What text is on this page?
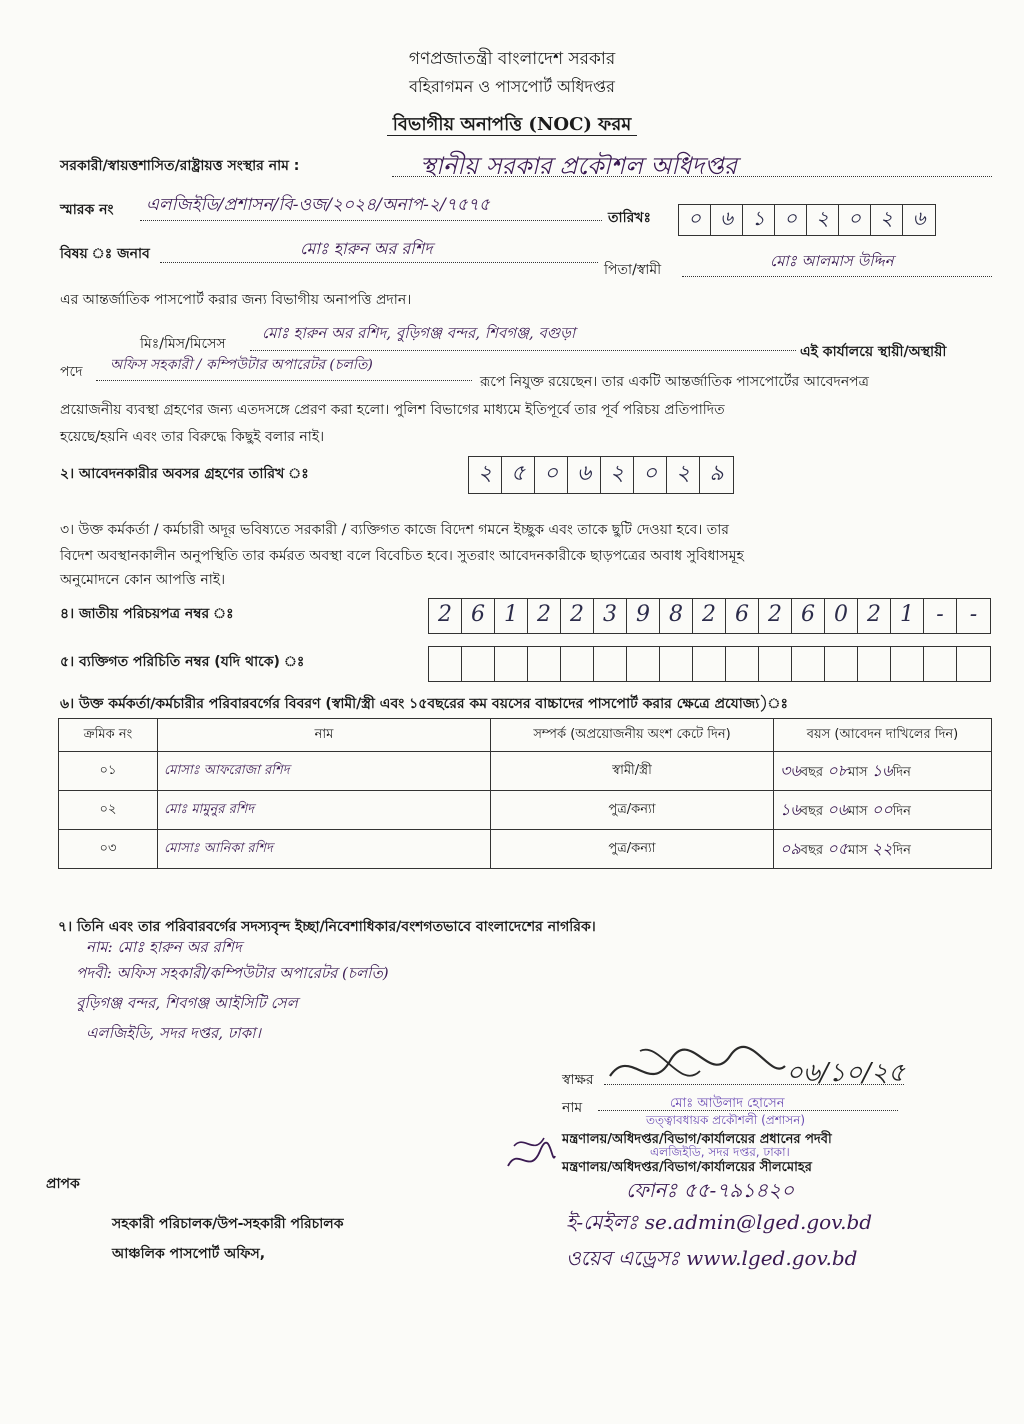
গণপ্রজাতন্ত্রী বাংলাদেশ সরকার
বহিরাগমন ও পাসপোর্ট অধিদপ্তর
বিভাগীয় অনাপত্তি (NOC) ফরম
সরকারী/স্বায়ত্তশাসিত/রাষ্ট্রায়ত্ত সংস্থার নাম :	স্থানীয় সরকার প্রকৌশল অধিদপ্তর
স্মারক নং এলজিইডি/প্রশাসন/বি-ওজ/২০২৪/অনাপ-২/৭৫৭৫
তারিখঃ	০ ৬ ১ ০ ২ ০ ২ ৬
বিষয় ঃ জনাব	মোঃ হারুন অর রশিদ
পিতা/স্বামী	মোঃ আলমাস উদ্দিন
এর আন্তর্জাতিক পাসপোর্ট করার জন্য বিভাগীয় অনাপত্তি প্রদান।
মিঃ/মিস/মিসেস
মোঃ হারুন অর রশিদ, বুড়িগঞ্জ বন্দর, শিবগঞ্জ, বগুড়া
এই কার্যালয়ে স্থায়ী/অস্থায়ী
পদে অফিস সহকারী / কম্পিউটার অপারেটর (চলতি)
রূপে নিযুক্ত রয়েছেন। তার একটি আন্তর্জাতিক পাসপোর্টের আবেদনপত্র
প্রয়োজনীয় ব্যবস্থা গ্রহণের জন্য এতদসঙ্গে প্রেরণ করা হলো। পুলিশ বিভাগের মাধ্যমে ইতিপূর্বে তার পূর্ব পরিচয় প্রতিপাদিত
হয়েছে/হয়নি এবং তার বিরুদ্ধে কিছুই বলার নাই।
২। আবেদনকারীর অবসর গ্রহণের তারিখ ঃ	২ ৫ ০ ৬ ২ ০ ২ ৯
৩। উক্ত কর্মকর্তা / কর্মচারী অদূর ভবিষ্যতে সরকারী / ব্যক্তিগত কাজে বিদেশ গমনে ইচ্ছুক এবং তাকে ছুটি দেওয়া হবে। তার
বিদেশ অবস্থানকালীন অনুপস্থিতি তার কর্মরত অবস্থা বলে বিবেচিত হবে। সুতরাং আবেদনকারীকে ছাড়পত্রের অবাধ সুবিধাসমূহ
অনুমোদনে কোন আপত্তি নাই।
৪। জাতীয় পরিচয়পত্র নম্বর ঃ	2 6 1 2 2 3 9 8 2 6 2 6 0 2 1	-	-
৫। ব্যক্তিগত পরিচিতি নম্বর (যদি থাকে) ঃ
৬। উক্ত কর্মকর্তা/কর্মচারীর পরিবারবর্গের বিবরণ (স্বামী/স্ত্রী এবং ১৫বছরের কম বয়সের বাচ্চাদের পাসপোর্ট করার ক্ষেত্রে প্রযোজ্য)ঃ
ক্রমিক নং	নাম	সম্পর্ক (অপ্রয়োজনীয় অংশ কেটে দিন)	বয়স (আবেদন দাখিলের দিন)
০১	মোসাঃ আফরোজা রশিদ	স্বামী/স্ত্রী	৩৬বছর ০৮মাস ১৬দিন
০২	মোঃ মামুনুর রশিদ	পুত্র/কন্যা	১৬বছর ০৬মাস ০০দিন
০৩	মোসাঃ আনিকা রশিদ	পুত্র/কন্যা	০৯বছর ০৫মাস ২২দিন
৭। তিনি এবং তার পরিবারবর্গের সদস্যবৃন্দ ইচ্ছা/নিবেশাধিকার/বংশগতভাবে বাংলাদেশের নাগরিক।
নাম: মোঃ হারুন অর রশিদ
পদবী: অফিস সহকারী/কম্পিউটার অপারেটর (চলতি)
বুড়িগঞ্জ বন্দর, শিবগঞ্জ আইসিটি সেল
এলজিইডি, সদর দপ্তর, ঢাকা।
স্বাক্ষর	০৬/১০/২৫
নাম	মোঃ আউলাদ হোসেন
তত্ত্বাবধায়ক প্রকৌশলী (প্রশাসন)
মন্ত্রণালয়/অধিদপ্তর/বিভাগ/কার্যালয়ের প্রধানের পদবী
এলজিইডি, সদর দপ্তর, ঢাকা।
মন্ত্রণালয়/অধিদপ্তর/বিভাগ/কার্যালয়ের সীলমোহর
ফোনঃ ৫৫-৭৯১৪২০
ই-মেইলঃ se.admin@lged.gov.bd
ওয়েব এড্রেসঃ www.lged.gov.bd
প্রাপক
সহকারী পরিচালক/উপ-সহকারী পরিচালক
আঞ্চলিক পাসপোর্ট অফিস,
